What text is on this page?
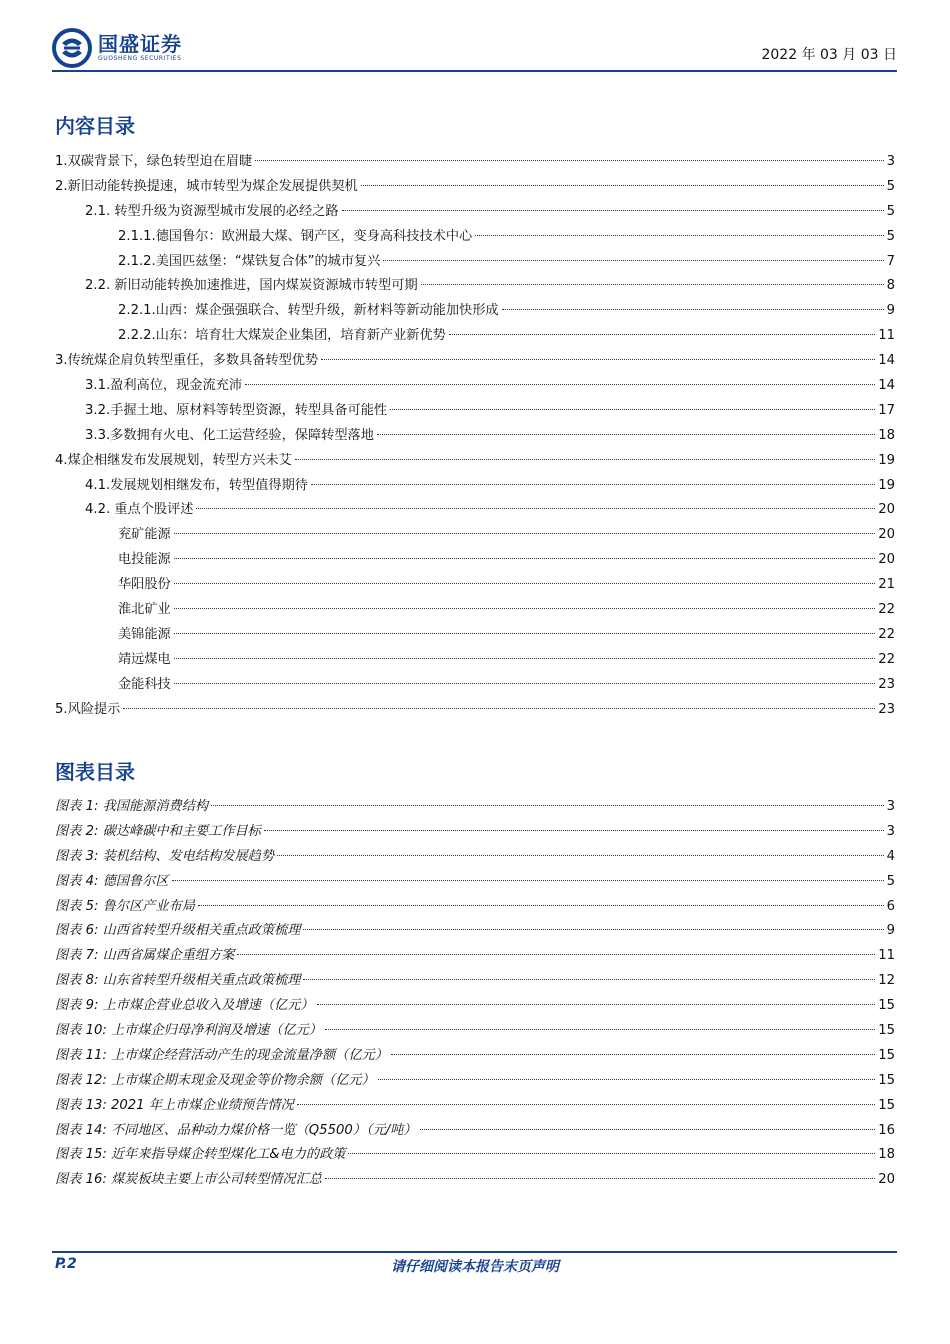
国盛证券
GUOSHENG SECURITIES	2022 年 03 月 03 日
内容目录
1.双碳背景下，绿色转型迫在眉睫	3
2.新旧动能转换提速，城市转型为煤企发展提供契机	5
2.1. 转型升级为资源型城市发展的必经之路	5
2.1.1.德国鲁尔：欧洲最大煤、钢产区，变身高科技技术中心	5
2.1.2.美国匹兹堡：“煤铁复合体”的城市复兴	7
2.2. 新旧动能转换加速推进，国内煤炭资源城市转型可期	8
2.2.1.山西：煤企强强联合、转型升级，新材料等新动能加快形成	9
2.2.2.山东：培育壮大煤炭企业集团，培育新产业新优势	11
3.传统煤企肩负转型重任，多数具备转型优势	14
3.1.盈利高位，现金流充沛	14
3.2.手握土地、原材料等转型资源，转型具备可能性	17
3.3.多数拥有火电、化工运营经验，保障转型落地	18
4.煤企相继发布发展规划，转型方兴未艾	19
4.1.发展规划相继发布，转型值得期待	19
4.2. 重点个股评述	20
兖矿能源	20
电投能源	20
华阳股份	21
淮北矿业	22
美锦能源	22
靖远煤电	22
金能科技	23
5.风险提示	23
图表目录
图表 1: 我国能源消费结构	3
图表 2: 碳达峰碳中和主要工作目标	3
图表 3: 装机结构、发电结构发展趋势	4
图表 4: 德国鲁尔区	5
图表 5: 鲁尔区产业布局	6
图表 6: 山西省转型升级相关重点政策梳理	9
图表 7: 山西省属煤企重组方案	11
图表 8: 山东省转型升级相关重点政策梳理	12
图表 9: 上市煤企营业总收入及增速（亿元）	15
图表 10: 上市煤企归母净利润及增速（亿元）	15
图表 11: 上市煤企经营活动产生的现金流量净额（亿元）	15
图表 12: 上市煤企期末现金及现金等价物余额（亿元）	15
图表 13: 2021 年上市煤企业绩预告情况	15
图表 14: 不同地区、品种动力煤价格一览（Q5500）（元/吨）	16
图表 15: 近年来指导煤企转型煤化工&电力的政策	18
图表 16: 煤炭板块主要上市公司转型情况汇总	20
P.2	请仔细阅读本报告末页声明
